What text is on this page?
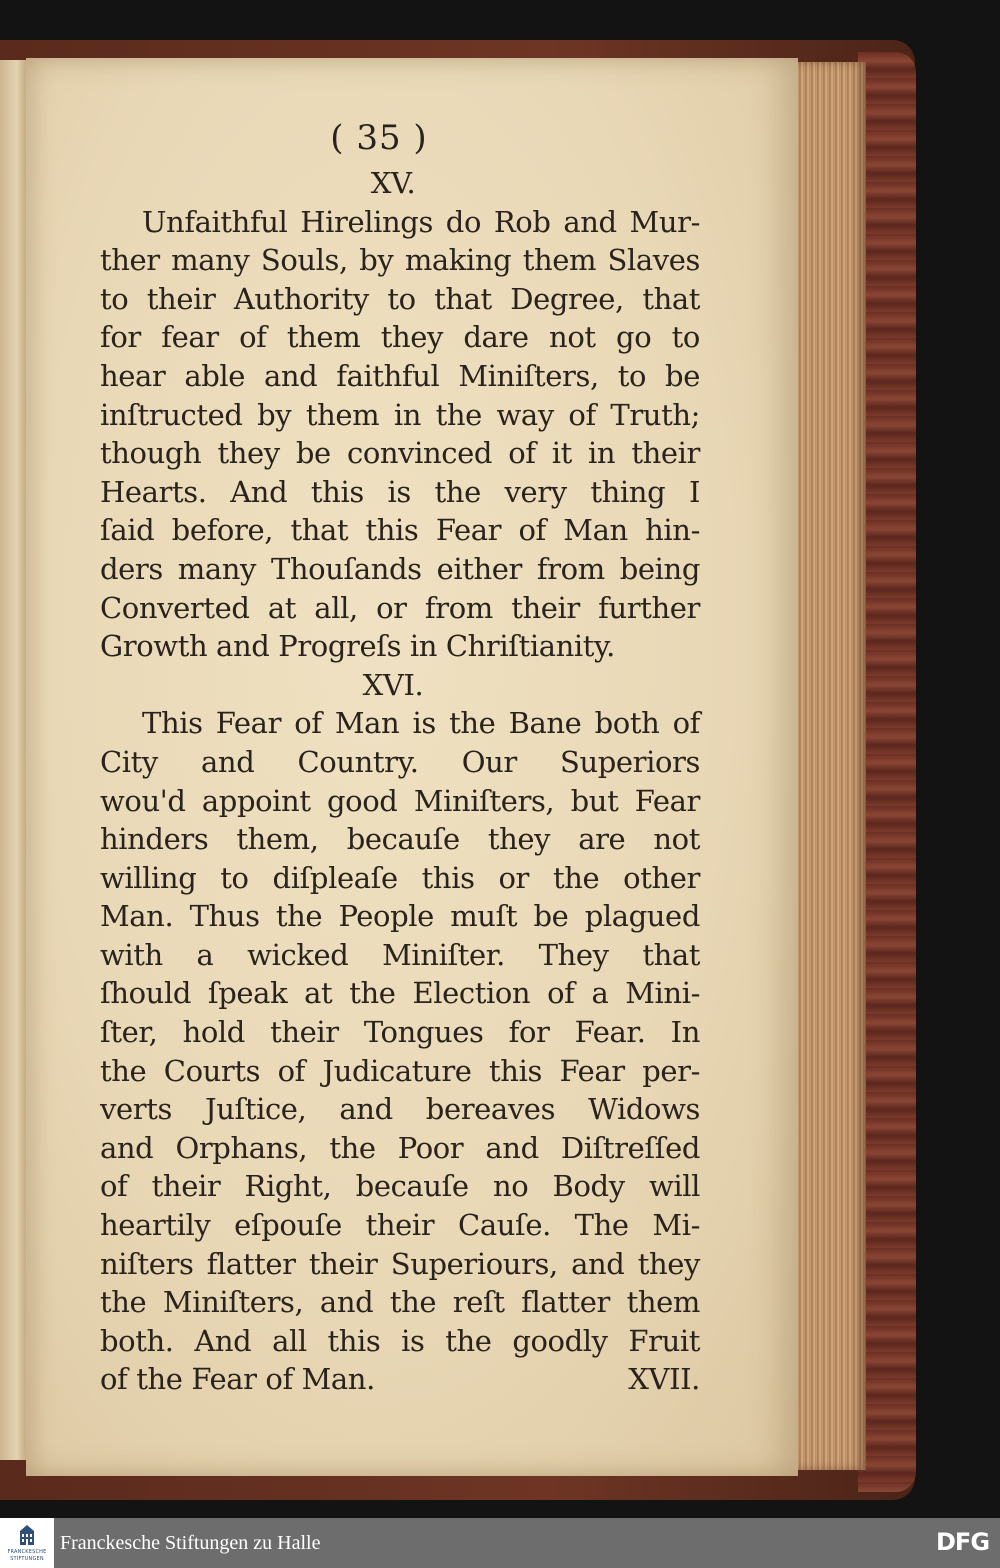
( 35 )
XV.
Unfaithful Hirelings do Rob and Mur-
ther many Souls, by making them Slaves
to their Authority to that Degree, that
for fear of them they dare not go to
hear able and faithful Miniſters, to be
inſtructed by them in the way of Truth;
though they be convinced of it in their
Hearts. And this is the very thing I
ſaid before, that this Fear of Man hin-
ders many Thouſands either from being
Converted at all, or from their further
Growth and Progreſs in Chriſtianity.
XVI.
This Fear of Man is the Bane both of
City and Country. Our Superiors
wou'd appoint good Miniſters, but Fear
hinders them, becauſe they are not
willing to diſpleaſe this or the other
Man. Thus the People muſt be plagued
with a wicked Miniſter. They that
ſhould ſpeak at the Election of a Mini-
ſter, hold their Tongues for Fear. In
the Courts of Judicature this Fear per-
verts Juſtice, and bereaves Widows
and Orphans, the Poor and Diſtreſſed
of their Right, becauſe no Body will
heartily eſpouſe their Cauſe. The Mi-
niſters flatter their Superiours, and they
the Miniſters, and the reſt flatter them
both. And all this is the goodly Fruit
of the Fear of Man.	XVII.
FRANCKESCHE
STIFTUNGEN
Franckesche Stiftungen zu Halle	DFG
